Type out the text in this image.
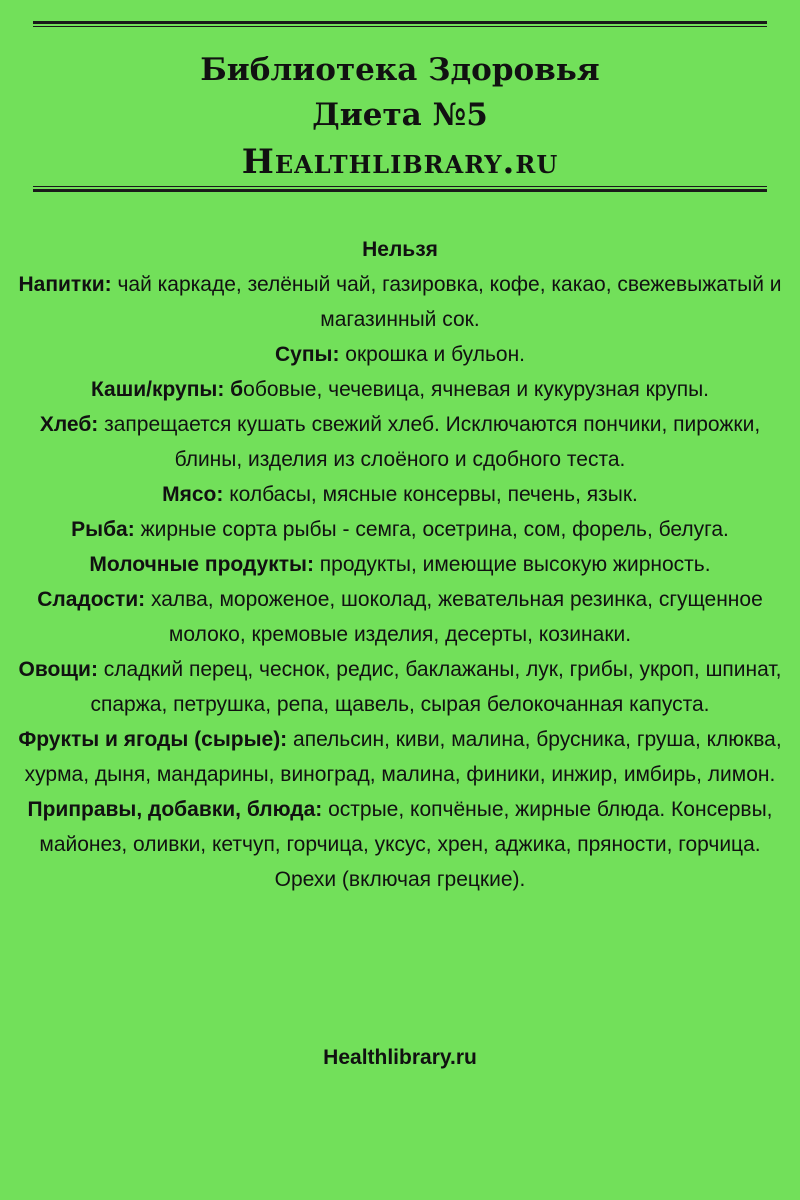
Библиотека Здоровья
Диета №5
Healthlibrary.ru

Нельзя

Напитки: чай каркаде, зелёный чай, газировка, кофе, какао, свежевыжатый и магазинный сок.

Супы: окрошка и бульон.

Каши/крупы: бобовые, чечевица, ячневая и кукурузная крупы.

Хлеб: запрещается кушать свежий хлеб. Исключаются пончики, пирожки, блины, изделия из слоёного и сдобного теста.

Мясо: колбасы, мясные консервы, печень, язык.

Рыба: жирные сорта рыбы - семга, осетрина, сом, форель, белуга.

Молочные продукты: продукты, имеющие высокую жирность.

Сладости: халва, мороженое, шоколад, жевательная резинка, сгущенное молоко, кремовые изделия, десерты, козинаки.

Овощи: сладкий перец, чеснок, редис, баклажаны, лук, грибы, укроп, шпинат, спаржа, петрушка, репа, щавель, сырая белокочанная капуста.

Фрукты и ягоды (сырые): апельсин, киви, малина, брусника, груша, клюква, хурма, дыня, мандарины, виноград, малина, финики, инжир, имбирь, лимон.

Приправы, добавки, блюда: острые, копчёные, жирные блюда. Консервы, майонез, оливки, кетчуп, горчица, уксус, хрен, аджика, пряности, горчица.

Орехи (включая грецкие).

Healthlibrary.ru
